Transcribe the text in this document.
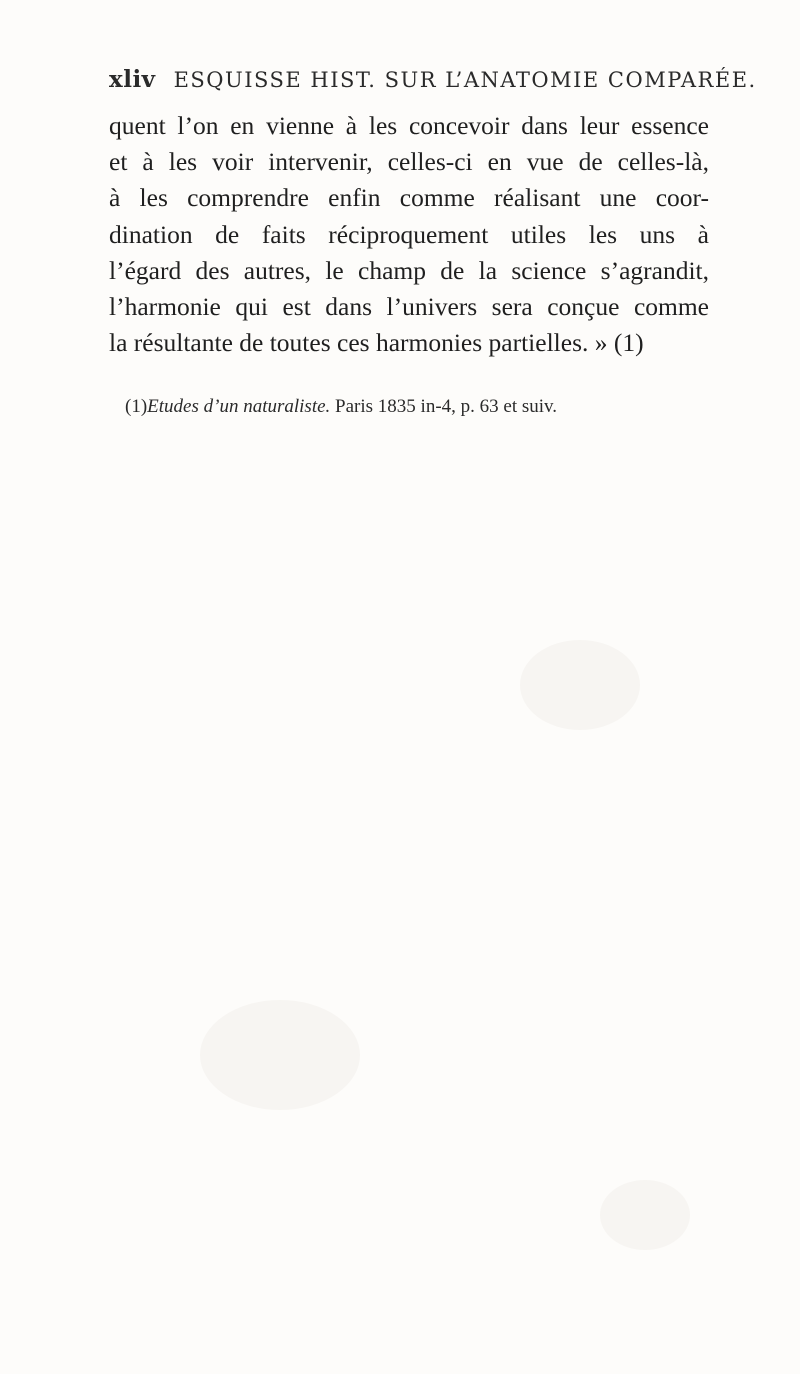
xliv ESQUISSE HIST. SUR L’ANATOMIE COMPARÉE.
quent l’on en vienne à les concevoir dans leur essence
et à les voir intervenir, celles-ci en vue de celles-là,
à les comprendre enfin comme réalisant une coor-
dination de faits réciproquement utiles les uns à
l’égard des autres, le champ de la science s’agrandit,
l’harmonie qui est dans l’univers sera conçue comme
la résultante de toutes ces harmonies partielles. » (1)
(1)Etudes d’un naturaliste. Paris 1835 in-4, p. 63 et suiv.
